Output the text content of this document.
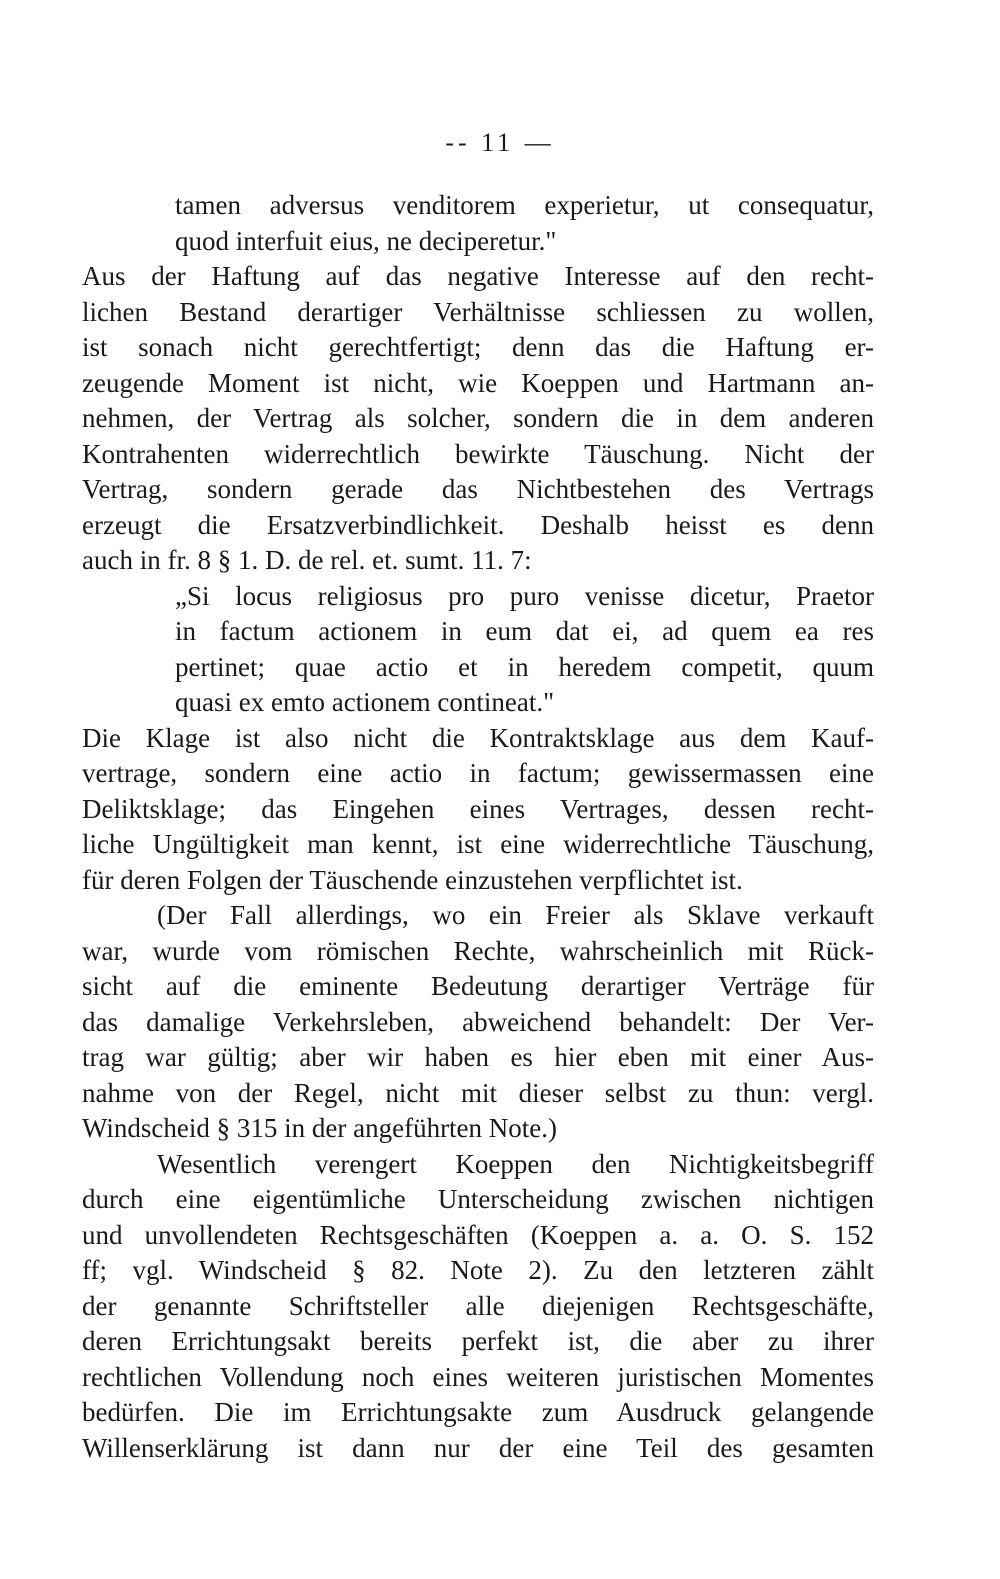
-- 11 —
tamen adversus venditorem experietur, ut consequatur,
quod interfuit eius, ne deciperetur."
Aus der Haftung auf das negative Interesse auf den recht-
lichen Bestand derartiger Verhältnisse schliessen zu wollen,
ist sonach nicht gerechtfertigt; denn das die Haftung er-
zeugende Moment ist nicht, wie Koeppen und Hartmann an-
nehmen, der Vertrag als solcher, sondern die in dem anderen
Kontrahenten widerrechtlich bewirkte Täuschung. Nicht der
Vertrag, sondern gerade das Nichtbestehen des Vertrags
erzeugt die Ersatzverbindlichkeit. Deshalb heisst es denn
auch in fr. 8 § 1. D. de rel. et. sumt. 11. 7:
„Si locus religiosus pro puro venisse dicetur, Praetor
in factum actionem in eum dat ei, ad quem ea res
pertinet; quae actio et in heredem competit, quum
quasi ex emto actionem contineat."
Die Klage ist also nicht die Kontraktsklage aus dem Kauf-
vertrage, sondern eine actio in factum; gewissermassen eine
Deliktsklage; das Eingehen eines Vertrages, dessen recht-
liche Ungültigkeit man kennt, ist eine widerrechtliche Täuschung,
für deren Folgen der Täuschende einzustehen verpflichtet ist.
(Der Fall allerdings, wo ein Freier als Sklave verkauft
war, wurde vom römischen Rechte, wahrscheinlich mit Rück-
sicht auf die eminente Bedeutung derartiger Verträge für
das damalige Verkehrsleben, abweichend behandelt: Der Ver-
trag war gültig; aber wir haben es hier eben mit einer Aus-
nahme von der Regel, nicht mit dieser selbst zu thun: vergl.
Windscheid § 315 in der angeführten Note.)
Wesentlich verengert Koeppen den Nichtigkeitsbegriff
durch eine eigentümliche Unterscheidung zwischen nichtigen
und unvollendeten Rechtsgeschäften (Koeppen a. a. O. S. 152
ff; vgl. Windscheid § 82. Note 2). Zu den letzteren zählt
der genannte Schriftsteller alle diejenigen Rechtsgeschäfte,
deren Errichtungsakt bereits perfekt ist, die aber zu ihrer
rechtlichen Vollendung noch eines weiteren juristischen Momentes
bedürfen. Die im Errichtungsakte zum Ausdruck gelangende
Willenserklärung ist dann nur der eine Teil des gesamten
